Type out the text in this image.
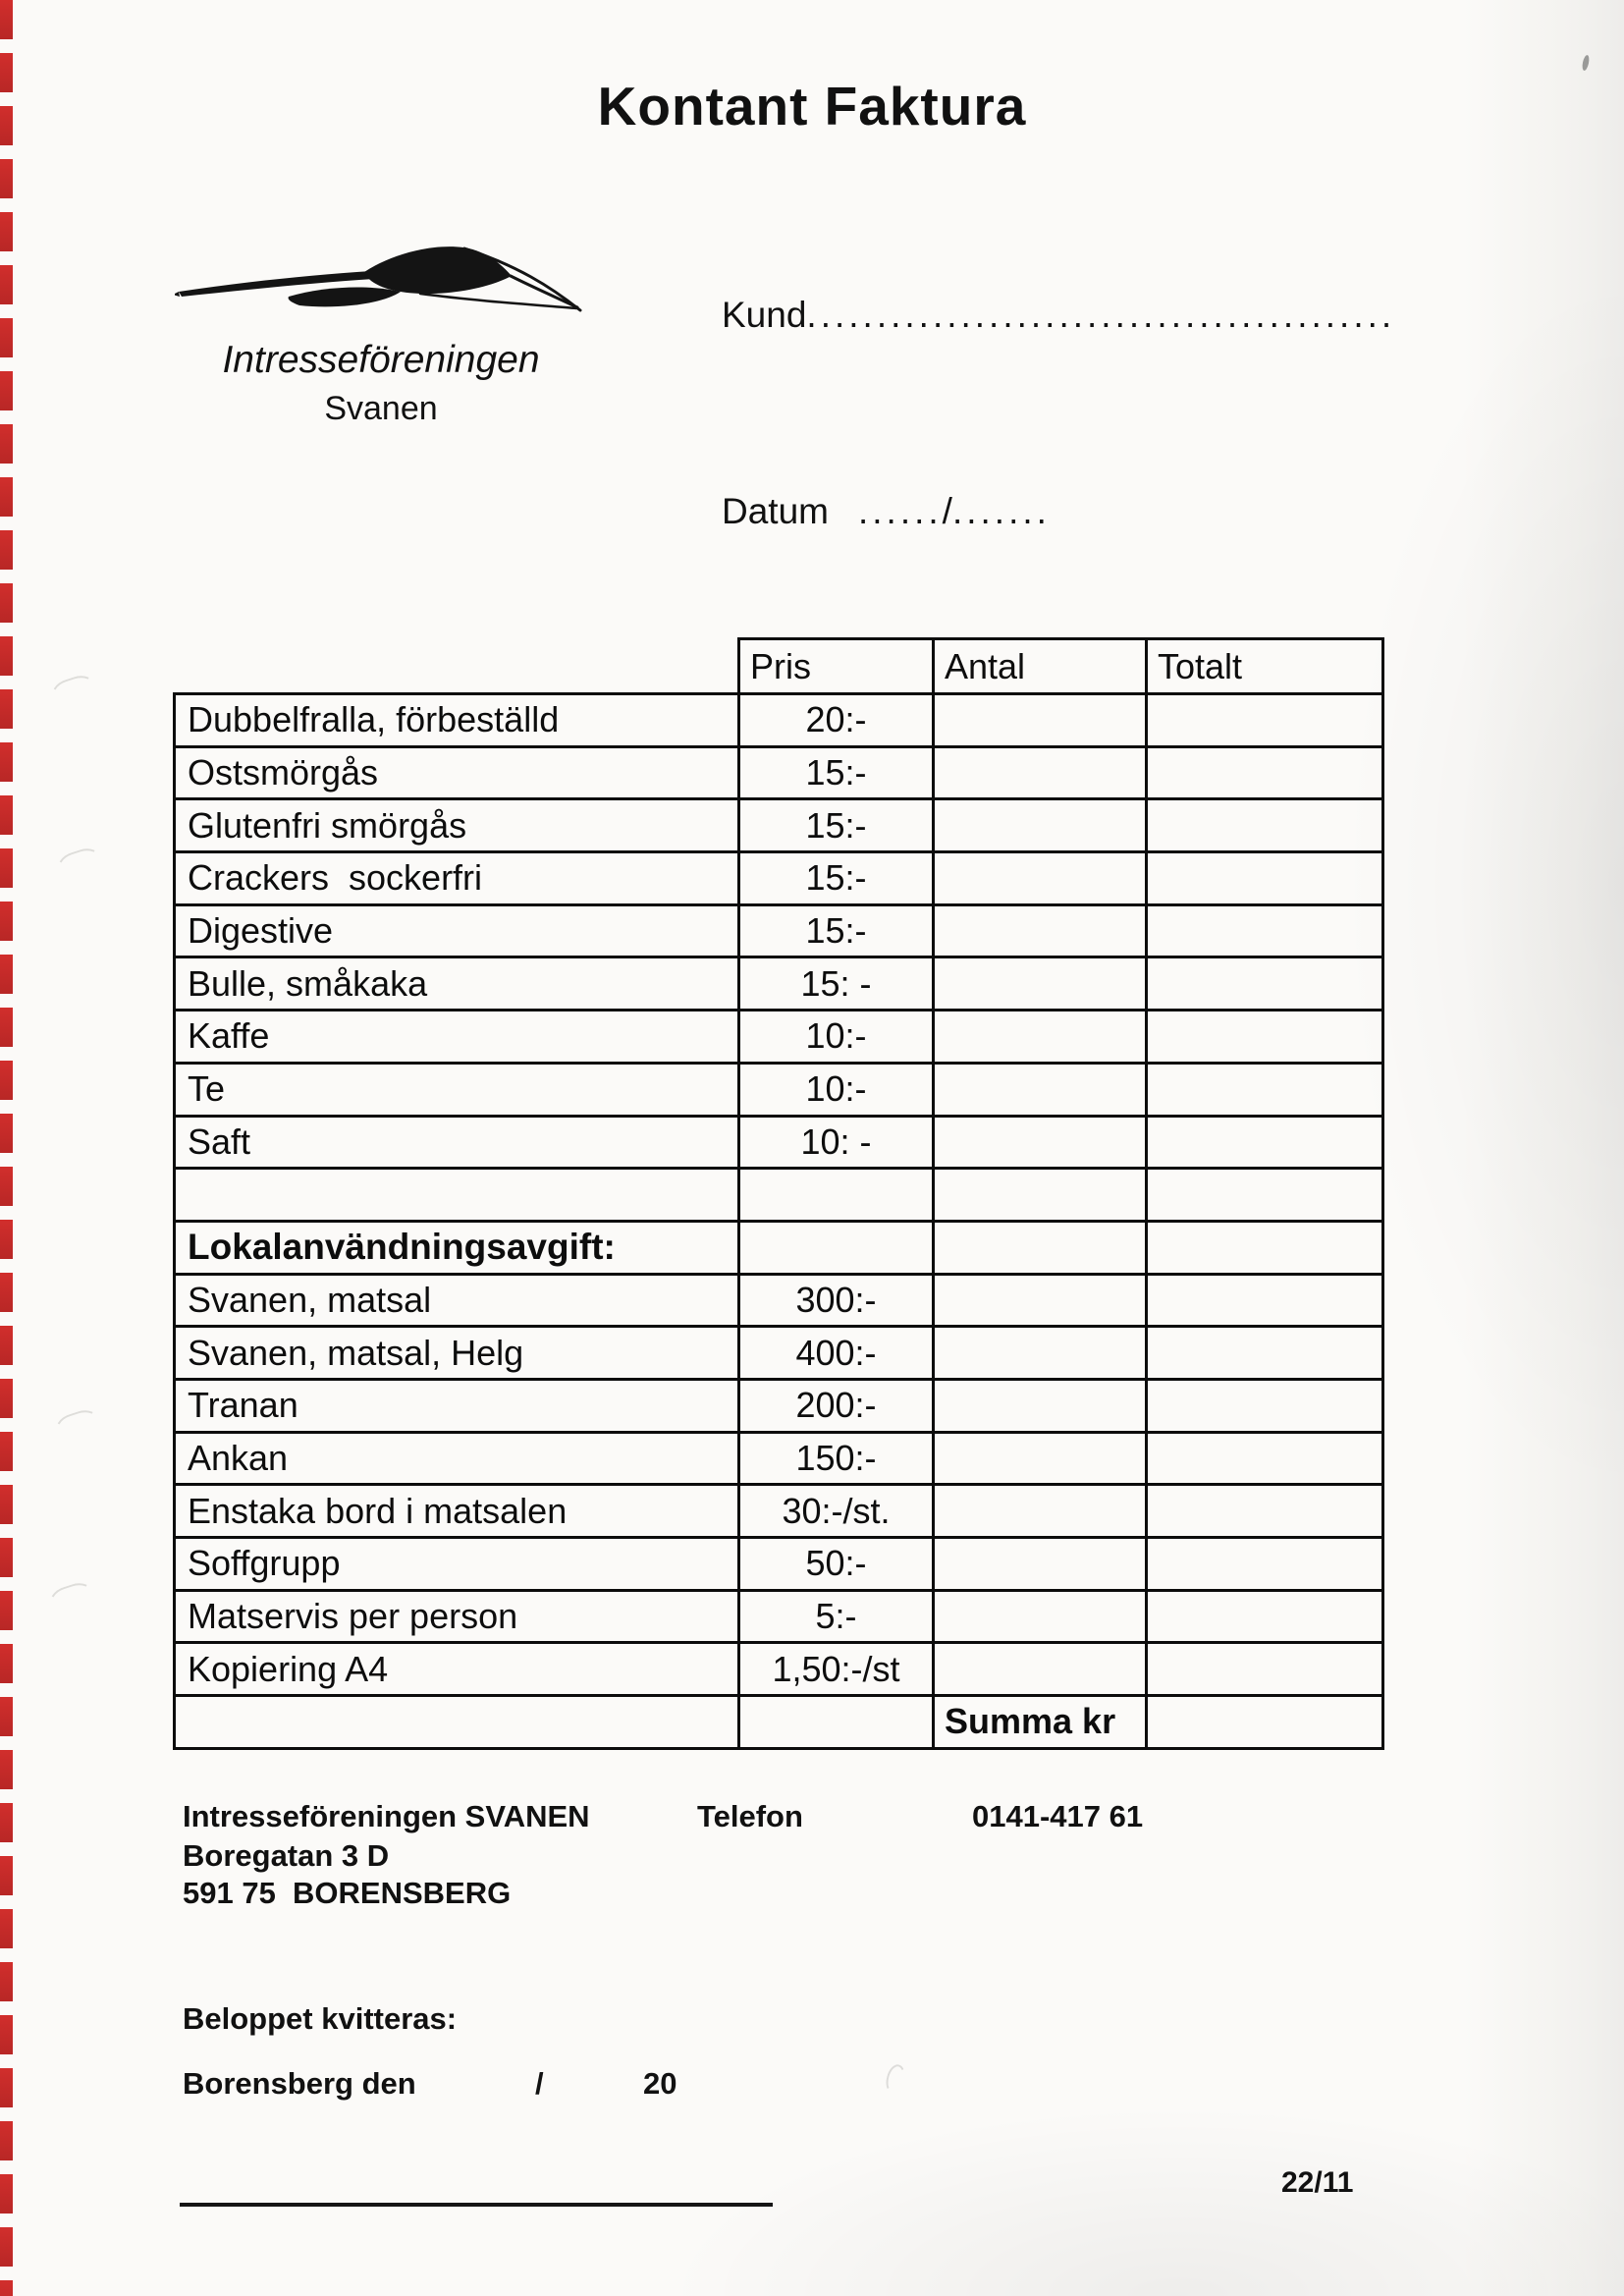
Kontant Faktura
Intresseföreningen
Svanen
Kund..........................................
Datum ....../.......
	Pris	Antal	Totalt
Dubbelfralla, förbeställd	20:-		
Ostsmörgås	15:-		
Glutenfri smörgås	15:-		
Crackers  sockerfri	15:-		
Digestive	15:-		
Bulle, småkaka	15: -		
Kaffe	10:-		
Te	10:-		
Saft	10: -		

Lokalanvändningsavgift:			
Svanen, matsal	300:-		
Svanen, matsal, Helg	400:-		
Tranan	200:-		
Ankan	150:-		
Enstaka bord i matsalen	30:-/st.		
Soffgrupp	50:-		
Matservis per person	5:-		
Kopiering A4	1,50:-/st		
		Summa kr	
Intresseföreningen SVANEN	Telefon	0141-417 61
Boregatan 3 D
591 75  BORENSBERG
Beloppet kvitteras:
Borensberg den	/	20
22/11
